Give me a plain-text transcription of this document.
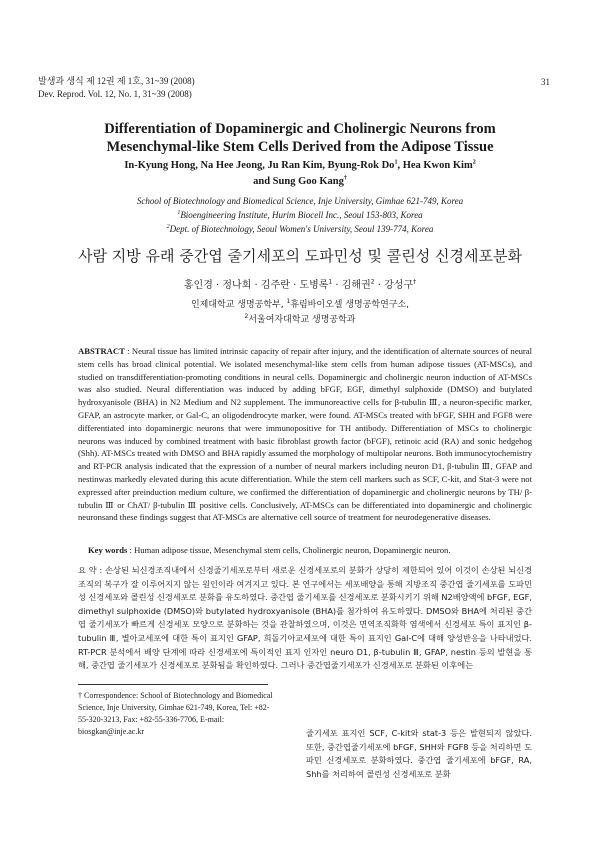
발생과 생식 제 12권 제 1호, 31~39 (2008)
Dev. Reprod. Vol. 12, No. 1, 31~39 (2008)
31
Differentiation of Dopaminergic and Cholinergic Neurons from
Mesenchymal-like Stem Cells Derived from the Adipose Tissue
In-Kyung Hong, Na Hee Jeong, Ju Ran Kim, Byung-Rok Do$^1$, Hea Kwon Kim$^2$
and Sung Goo Kang†
School of Biotechnology and Biomedical Science, Inje University, Gimhae 621-749, Korea
$^1$Bioengineering Institute, Hurim Biocell Inc., Seoul 153-803, Korea
$^2$Dept. of Biotechnology, Seoul Women's University, Seoul 139-774, Korea
사람 지방 유래 중간엽 줄기세포의 도파민성 및 콜린성 신경세포분화
홍인경 · 정나희 · 김주란 · 도병록$^1$ · 김해권$^2$ · 강성구†
인제대학교 생명공학부, $^1$휴림바이오셀 생명공학연구소,
$^2$서울여자대학교 생명공학과
ABSTRACT : Neural tissue has limited intrinsic capacity of repair after injury, and the identification of alternate sources of neural stem cells has broad clinical potential. We isolated mesenchymal-like stem cells from human adipose tissues (AT-MSCs), and studied on transdifferentiation-promoting conditions in neural cells. Dopaminergic and cholinergic neuron induction of AT-MSCs was also studied. Neural differentiation was induced by adding bFGF, EGF, dimethyl sulphoxide (DMSO) and butylated hydroxyanisole (BHA) in N2 Medium and N2 supplement. The immunoreactive cells for β-tubulin Ⅲ, a neuron-specific marker, GFAP, an astrocyte marker, or Gal-C, an oligodendrocyte marker, were found. AT-MSCs treated with bFGF, SHH and FGF8 were differentiated into dopaminergic neurons that were immunopositive for TH antibody. Differentiation of MSCs to cholinergic neurons was induced by combined treatment with basic fibroblast growth factor (bFGF), retinoic acid (RA) and sonic hedgehog (Shh). AT-MSCs treated with DMSO and BHA rapidly assumed the morphology of multipolar neurons. Both immunocytochemistry and RT-PCR analysis indicated that the expression of a number of neural markers including neuron D1, β-tubulin Ⅲ, GFAP and nestinwas markedly elevated during this acute differentiation. While the stem cell markers such as SCF, C-kit, and Stat-3 were not expressed after preinduction medium culture, we confirmed the differentiation of dopaminergic and cholinergic neurons by TH/ β-tubulin Ⅲ or ChAT/ β-tubulin Ⅲ positive cells. Conclusively, AT-MSCs can be differentiated into dopaminergic and cholinergic neuronsand these findings suggest that AT-MSCs are alternative cell source of treatment for neurodegenerative diseases.
Key words : Human adipose tissue, Mesenchymal stem cells, Cholinergic neuron, Dopaminergic neuron.
요 약 : 손상된 뇌신경조직내에서 신경줄기세포로부터 새로운 신경세포로의 분화가 상당히 제한되어 있어 이것이 손상된 뇌신경조직의 복구가 잘 이루어지지 않는 원인이라 여겨지고 있다. 본 연구에서는 세포배양을 통해 지방조직 중간엽 줄기세포를 도파민성 신경세포와 콜린성 신경세포로 분화를 유도하였다. 중간엽 줄기세포를 신경세포로 분화시키기 위해 N2배양액에 bFGF, EGF, dimethyl sulphoxide (DMSO)와 butylated hydroxyanisole (BHA)를 첨가하여 유도하였다. DMSO와 BHA에 처리된 중간엽 줄기세포가 빠르게 신경세포 모양으로 분화하는 것을 관찰하였으며, 이것은 면역조직화학 염색에서 신경세포 특이 표지인 β-tubulin Ⅲ, 별아교세포에 대한 특이 표지인 GFAP, 희돌기아교세포에 대한 특이 표지인 Gal-C에 대해 양성반응을 나타내었다. RT-PCR 분석에서 배양 단계에 따라 신경세포에 특이적인 표지 인자인 neuro D1, β-tubulin Ⅲ, GFAP, nestin 등의 발현을 통해, 중간엽 줄기세포가 신경세포로 분화됨을 확인하였다. 그러나 중간엽줄기세포가 신경세포로 분화된 이후에는
† Correspondence: School of Biotechnology and Biomedical Science, Inje University, Gimhae 621-749, Korea, Tel: +82-55-320-3213, Fax: +82-55-336-7706, E-mail: biosgkan@inje.ac.kr	줄기세포 표지인 SCF, C-kit와 stat-3 등은 발현되지 않았다. 또한, 중간엽줄기세포에 bFGF, SHH와 FGF8 등을 처리하면 도파민 신경세포로 분화하였다. 중간엽 줄기세포에 bFGF, RA, Shh를 처리하여 콜린성 신경세포로 분화
